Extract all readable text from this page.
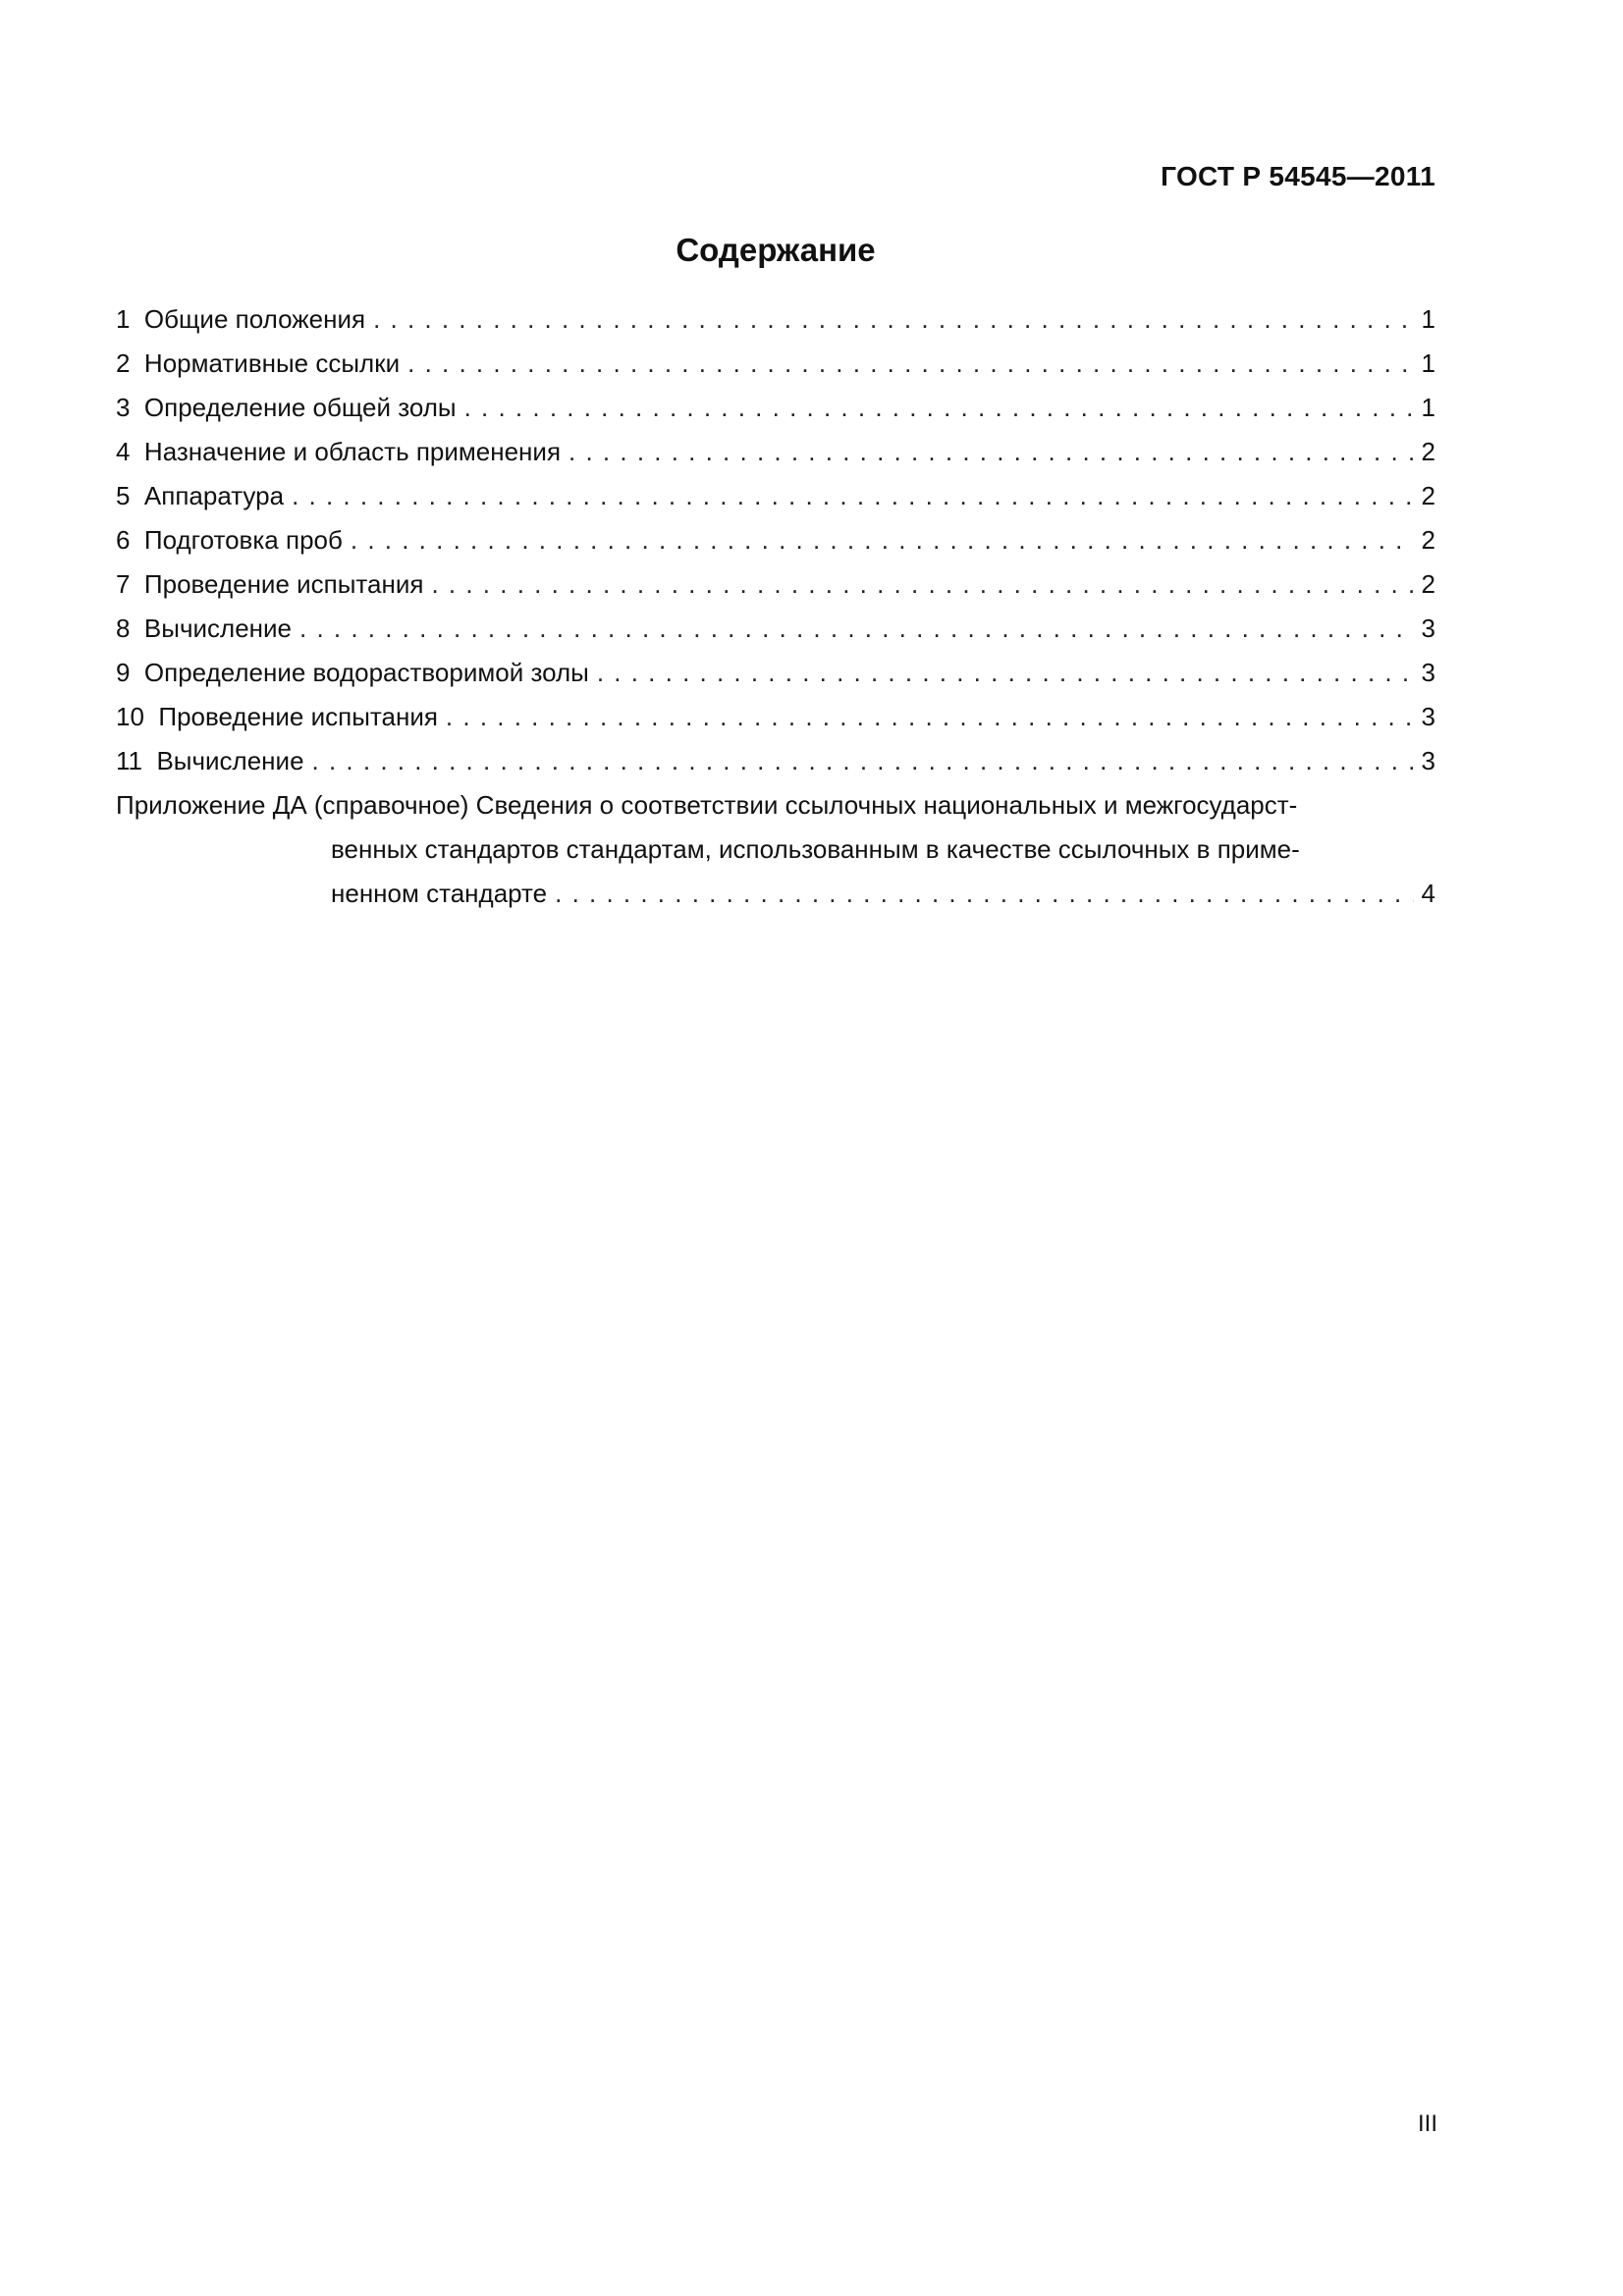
ГОСТ Р 54545—2011
Содержание
1
Общие положения . . .	1
2
Нормативные ссылки . . .	1
3
Определение общей золы . . .	1
4
Назначение и область применения . . .	2
5
Аппаратура . . .	2
6
Подготовка проб . . .	2
7
Проведение испытания . . .	2
8
Вычисление . . .	3
9
Определение водорастворимой золы . . .	3
10
Проведение испытания . . .	3
11
Вычисление . . .	3
Приложение ДА (справочное) Сведения о соответствии ссылочных национальных и межгосударст-
венных стандартов стандартам, использованным в качестве ссылочных в приме-
ненном стандарте . . .	4
III
